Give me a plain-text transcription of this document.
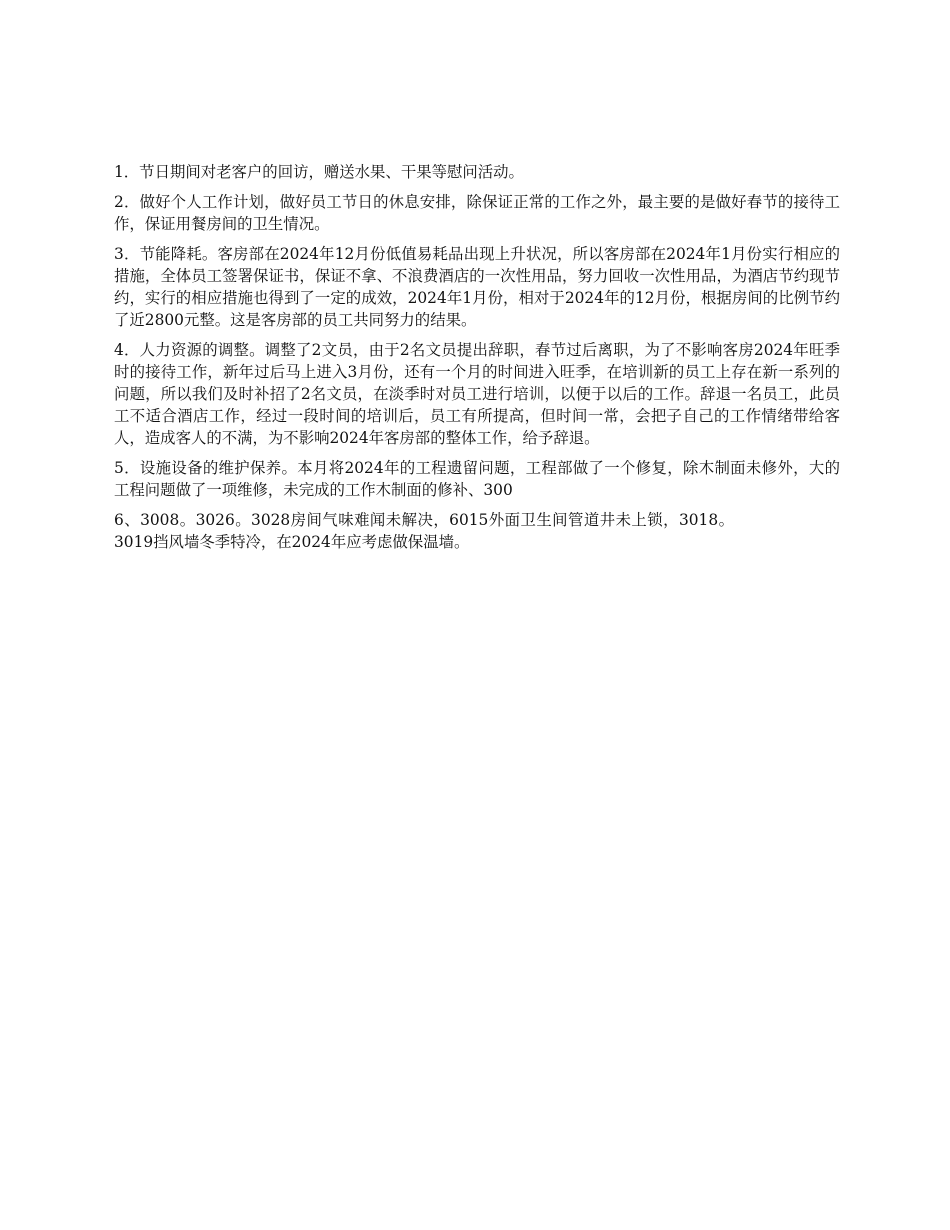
1．节日期间对老客户的回访，赠送水果、干果等慰问活动。

2．做好个人工作计划，做好员工节日的休息安排，除保证正常的工作之外，最主要的是做好春节的接待工作，保证用餐房间的卫生情况。

3．节能降耗。客房部在2024年12月份低值易耗品出现上升状况，所以客房部在2024年1月份实行相应的措施，全体员工签署保证书，保证不拿、不浪费酒店的一次性用品，努力回收一次性用品，为酒店节约现节约，实行的相应措施也得到了一定的成效，2024年1月份，相对于2024年的12月份，根据房间的比例节约了近2800元整。这是客房部的员工共同努力的结果。

4．人力资源的调整。调整了2文员，由于2名文员提出辞职，春节过后离职，为了不影响客房2024年旺季时的接待工作，新年过后马上进入3月份，还有一个月的时间进入旺季，在培训新的员工上存在新一系列的问题，所以我们及时补招了2名文员，在淡季时对员工进行培训，以便于以后的工作。辞退一名员工，此员工不适合酒店工作，经过一段时间的培训后，员工有所提高，但时间一常，会把子自己的工作情绪带给客人，造成客人的不满，为不影响2024年客房部的整体工作，给予辞退。

5．设施设备的维护保养。本月将2024年的工程遗留问题，工程部做了一个修复，除木制面未修外，大的工程问题做了一项维修，未完成的工作木制面的修补、300

6、3008。3026。3028房间气味难闻未解决，6015外面卫生间管道井未上锁，3018。3019挡风墙冬季特冷，在2024年应考虑做保温墙。
